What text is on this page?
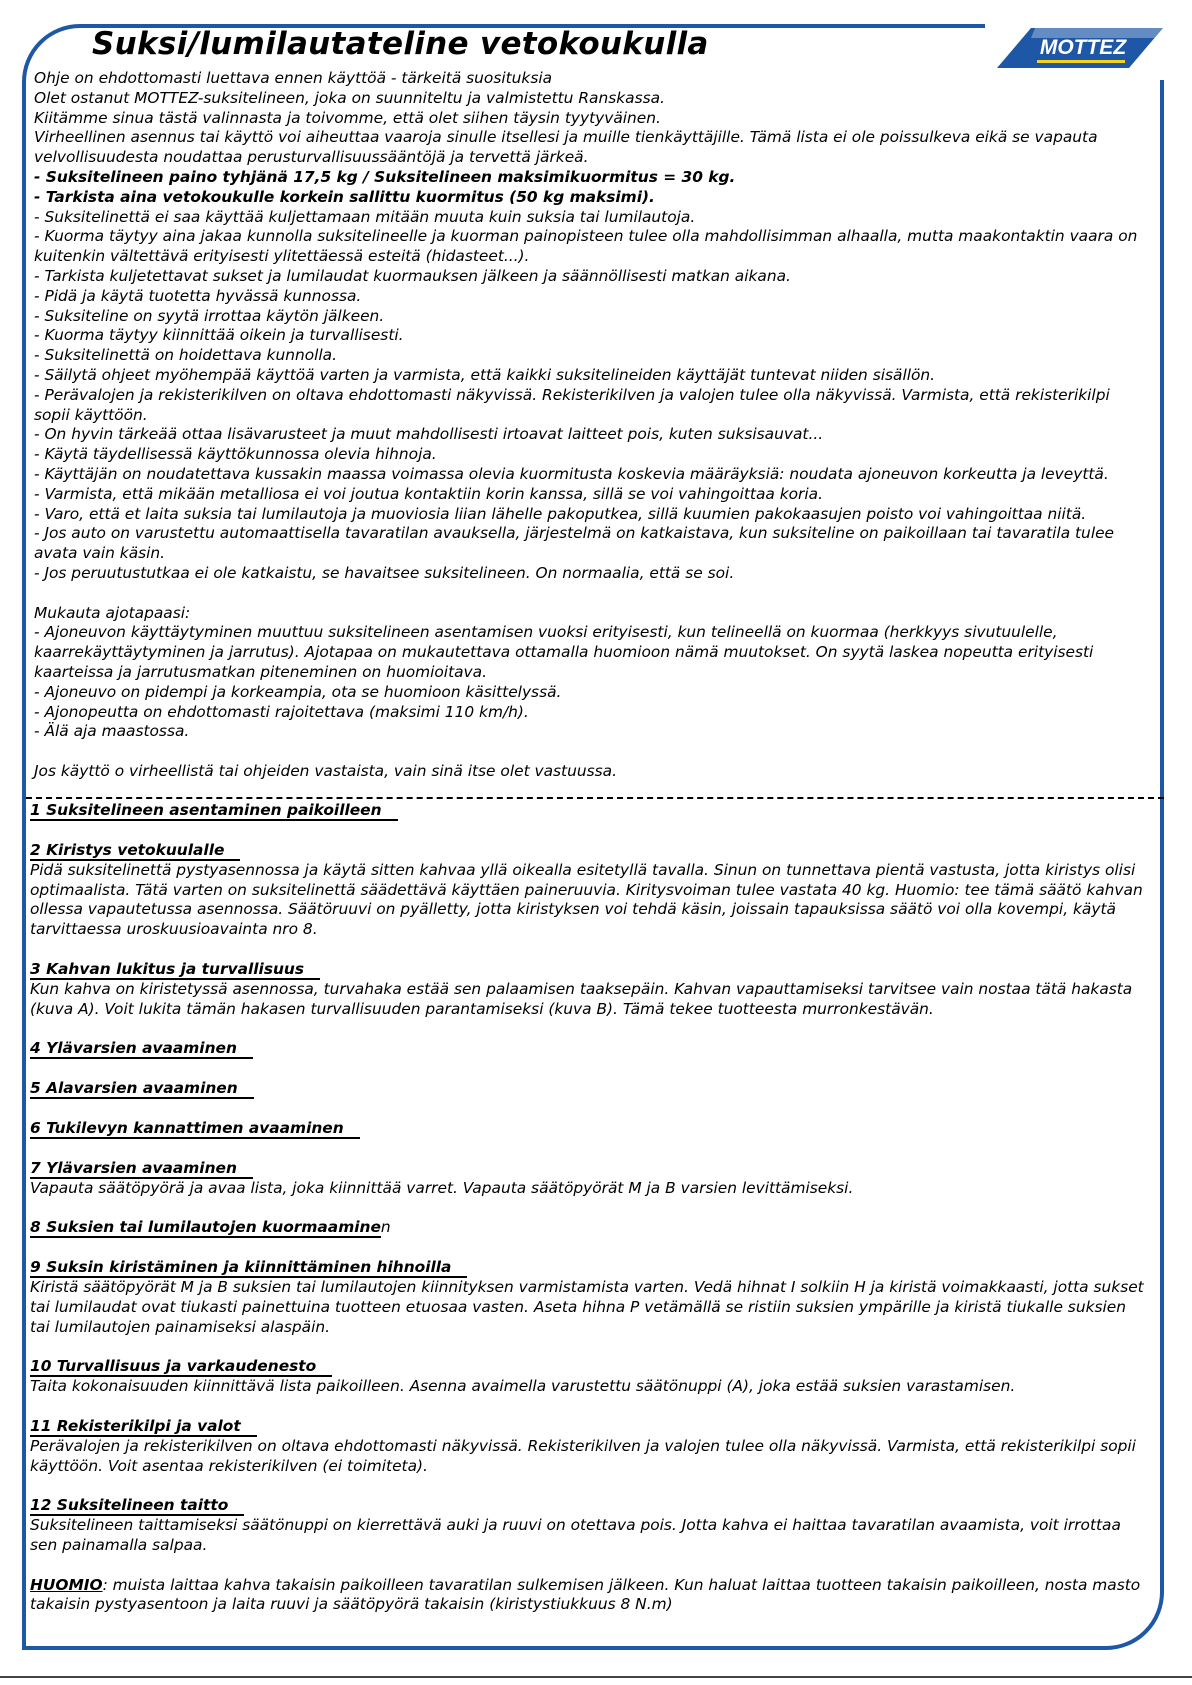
Suksi/lumilautateline vetokoukulla	MOTTEZ

Ohje on ehdottomasti luettava ennen käyttöä - tärkeitä suosituksia

Olet ostanut MOTTEZ-suksitelineen, joka on suunniteltu ja valmistettu Ranskassa.

Kiitämme sinua tästä valinnasta ja toivomme, että olet siihen täysin tyytyväinen.

Virheellinen asennus tai käyttö voi aiheuttaa vaaroja sinulle itsellesi ja muille tienkäyttäjille. Tämä lista ei ole poissulkeva eikä se vapauta velvollisuudesta noudattaa perusturvallisuussääntöjä ja tervettä järkeä.

- Suksitelineen paino tyhjänä 17,5 kg / Suksitelineen maksimikuormitus = 30 kg.

- Tarkista aina vetokoukulle korkein sallittu kuormitus (50 kg maksimi).

- Suksitelinettä ei saa käyttää kuljettamaan mitään muuta kuin suksia tai lumilautoja.

- Kuorma täytyy aina jakaa kunnolla suksitelineelle ja kuorman painopisteen tulee olla mahdollisimman alhaalla, mutta maakontaktin vaara on kuitenkin vältettävä erityisesti ylitettäessä esteitä (hidasteet...).

- Tarkista kuljetettavat sukset ja lumilaudat kuormauksen jälkeen ja säännöllisesti matkan aikana.

- Pidä ja käytä tuotetta hyvässä kunnossa.

- Suksiteline on syytä irrottaa käytön jälkeen.

- Kuorma täytyy kiinnittää oikein ja turvallisesti.

- Suksitelinettä on hoidettava kunnolla.

- Säilytä ohjeet myöhempää käyttöä varten ja varmista, että kaikki suksitelineiden käyttäjät tuntevat niiden sisällön.

- Perävalojen ja rekisterikilven on oltava ehdottomasti näkyvissä. Rekisterikilven ja valojen tulee olla näkyvissä. Varmista, että rekisterikilpi sopii käyttöön.

- On hyvin tärkeää ottaa lisävarusteet ja muut mahdollisesti irtoavat laitteet pois, kuten suksisauvat...

- Käytä täydellisessä käyttökunnossa olevia hihnoja.

- Käyttäjän on noudatettava kussakin maassa voimassa olevia kuormitusta koskevia määräyksiä: noudata ajoneuvon korkeutta ja leveyttä.

- Varmista, että mikään metalliosa ei voi joutua kontaktiin korin kanssa, sillä se voi vahingoittaa koria.

- Varo, että et laita suksia tai lumilautoja ja muoviosia liian lähelle pakoputkea, sillä kuumien pakokaasujen poisto voi vahingoittaa niitä.

- Jos auto on varustettu automaattisella tavaratilan avauksella, järjestelmä on katkaistava, kun suksiteline on paikoillaan tai tavaratila tulee avata vain käsin.

- Jos peruutustutkaa ei ole katkaistu, se havaitsee suksitelineen. On normaalia, että se soi.

Mukauta ajotapaasi:

- Ajoneuvon käyttäytyminen muuttuu suksitelineen asentamisen vuoksi erityisesti, kun telineellä on kuormaa (herkkyys sivutuulelle, kaarrekäyttäytyminen ja jarrutus). Ajotapaa on mukautettava ottamalla huomioon nämä muutokset. On syytä laskea nopeutta erityisesti kaarteissa ja jarrutusmatkan piteneminen on huomioitava.

- Ajoneuvo on pidempi ja korkeampia, ota se huomioon käsittelyssä.

- Ajonopeutta on ehdottomasti rajoitettava (maksimi 110 km/h).

- Älä aja maastossa.

Jos käyttö o virheellistä tai ohjeiden vastaista, vain sinä itse olet vastuussa.

1 Suksitelineen asentaminen paikoilleen
2 Kiristys vetokuulalle

Pidä suksitelinettä pystyasennossa ja käytä sitten kahvaa yllä oikealla esitetyllä tavalla. Sinun on tunnettava pientä vastusta, jotta kiristys olisi optimaalista. Tätä varten on suksitelinettä säädettävä käyttäen paineruuvia. Kiritysvoiman tulee vastata 40 kg. Huomio: tee tämä säätö kahvan ollessa vapautetussa asennossa. Säätöruuvi on pyälletty, jotta kiristyksen voi tehdä käsin, joissain tapauksissa säätö voi olla kovempi, käytä tarvittaessa uroskuusioavainta nro 8.

3 Kahvan lukitus ja turvallisuus

Kun kahva on kiristetyssä asennossa, turvahaka estää sen palaamisen taaksepäin. Kahvan vapauttamiseksi tarvitsee vain nostaa tätä hakasta (kuva A). Voit lukita tämän hakasen turvallisuuden parantamiseksi (kuva B). Tämä tekee tuotteesta murronkestävän.

4 Ylävarsien avaaminen
5 Alavarsien avaaminen
6 Tukilevyn kannattimen avaaminen
7 Ylävarsien avaaminen

Vapauta säätöpyörä ja avaa lista, joka kiinnittää varret. Vapauta säätöpyörät M ja B varsien levittämiseksi.

8 Suksien tai lumilautojen kuormaaminen
9 Suksin kiristäminen ja kiinnittäminen hihnoilla

Kiristä säätöpyörät M ja B suksien tai lumilautojen kiinnityksen varmistamista varten. Vedä hihnat I solkiin H ja kiristä voimakkaasti, jotta sukset tai lumilaudat ovat tiukasti painettuina tuotteen etuosaa vasten. Aseta hihna P vetämällä se ristiin suksien ympärille ja kiristä tiukalle suksien tai lumilautojen painamiseksi alaspäin.

10 Turvallisuus ja varkaudenesto

Taita kokonaisuuden kiinnittävä lista paikoilleen. Asenna avaimella varustettu säätönuppi (A), joka estää suksien varastamisen.

11 Rekisterikilpi ja valot

Perävalojen ja rekisterikilven on oltava ehdottomasti näkyvissä. Rekisterikilven ja valojen tulee olla näkyvissä. Varmista, että rekisterikilpi sopii käyttöön. Voit asentaa rekisterikilven (ei toimiteta).

12 Suksitelineen taitto

Suksitelineen taittamiseksi säätönuppi on kierrettävä auki ja ruuvi on otettava pois. Jotta kahva ei haittaa tavaratilan avaamista, voit irrottaa sen painamalla salpaa.

HUOMIO: muista laittaa kahva takaisin paikoilleen tavaratilan sulkemisen jälkeen. Kun haluat laittaa tuotteen takaisin paikoilleen, nosta masto takaisin pystyasentoon ja laita ruuvi ja säätöpyörä takaisin (kiristystiukkuus 8 N.m)
